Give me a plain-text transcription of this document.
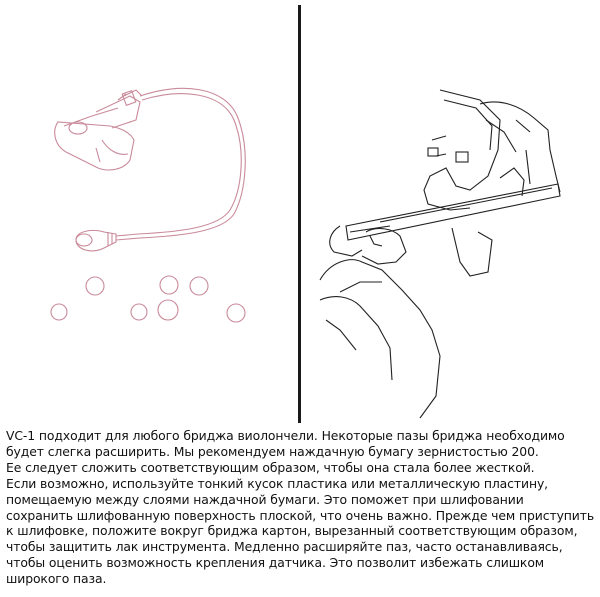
VC-1 подходит для любого бриджа виолончели. Некоторые пазы бриджа необходимо
будет слегка расширить. Мы рекомендуем наждачную бумагу зернистостью 200.
Ее следует сложить соответствующим образом, чтобы она стала более жесткой.
Если возможно, используйте тонкий кусок пластика или металлическую пластину,
помещаемую между слоями наждачной бумаги. Это поможет при шлифовании
сохранить шлифованную поверхность плоской, что очень важно. Прежде чем приступить
к шлифовке, положите вокруг бриджа картон, вырезанный соответствующим образом,
чтобы защитить лак инструмента. Медленно расширяйте паз, часто останавливаясь,
чтобы оценить возможность крепления датчика. Это позволит избежать слишком
широкого паза.
